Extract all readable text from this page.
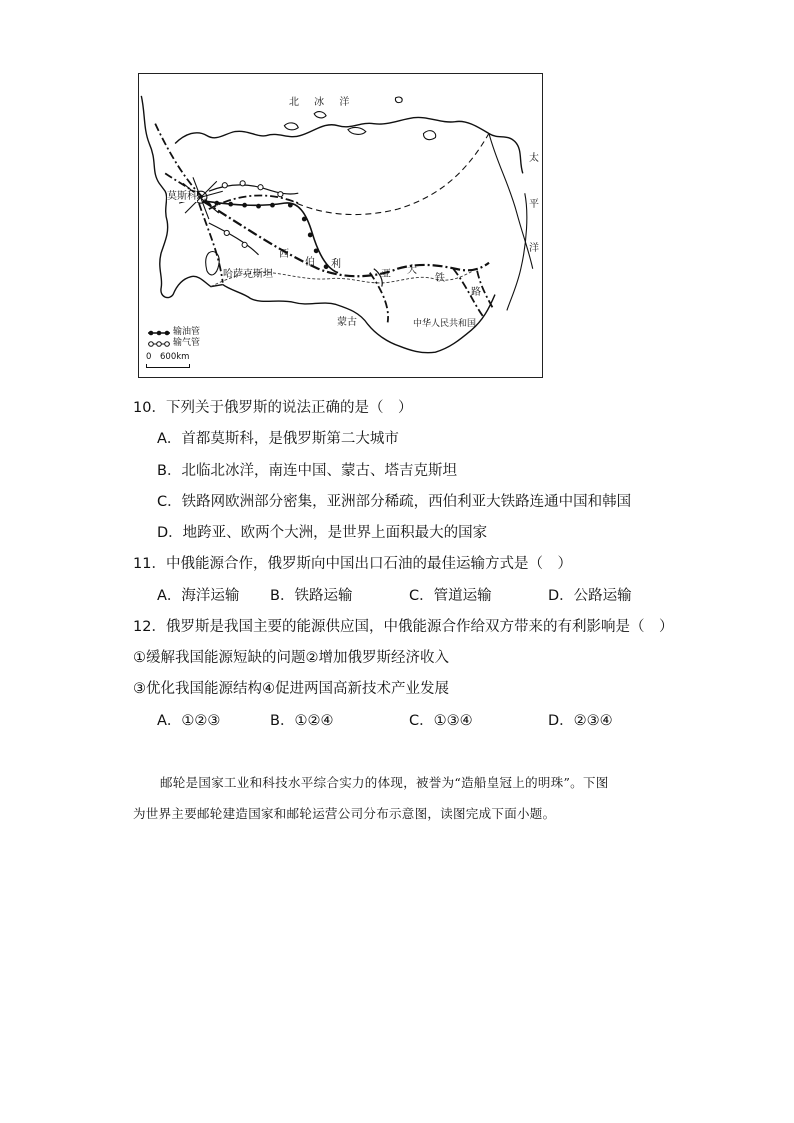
北 冰 洋
太
平
洋
莫斯科
哈萨克斯坦
蒙古	中华人民共和国
西
伯 利
亚 大
铁
路
输油管
输气管
0 600km
10．下列关于俄罗斯的说法正确的是（　）
A．首都莫斯科，是俄罗斯第二大城市
B．北临北冰洋，南连中国、蒙古、塔吉克斯坦
C．铁路网欧洲部分密集，亚洲部分稀疏，西伯利亚大铁路连通中国和韩国
D．地跨亚、欧两个大洲，是世界上面积最大的国家
11．中俄能源合作，俄罗斯向中国出口石油的最佳运输方式是（　）
A．海洋运输 B．铁路运输	C．管道运输	D．公路运输
12．俄罗斯是我国主要的能源供应国，中俄能源合作给双方带来的有利影响是（　）
①缓解我国能源短缺的问题②增加俄罗斯经济收入
③优化我国能源结构④促进两国高新技术产业发展
A．①②③	B．①②④	C．①③④	D．②③④
邮轮是国家工业和科技水平综合实力的体现，被誉为“造船皇冠上的明珠”。下图
为世界主要邮轮建造国家和邮轮运营公司分布示意图，读图完成下面小题。
